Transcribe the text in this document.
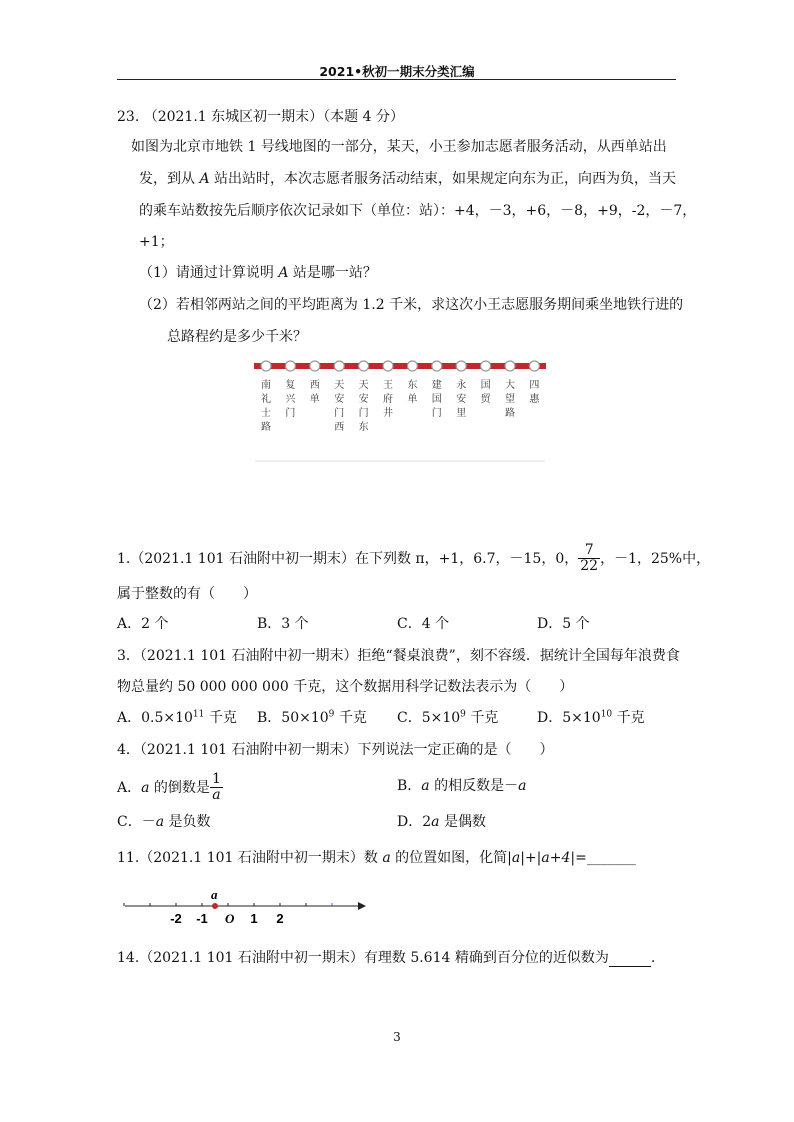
2021•秋初一期末分类汇编
23. （2021.1 东城区初一期末）（本题 4 分）
如图为北京市地铁 1 号线地图的一部分，某天，小王参加志愿者服务活动，从西单站出
发，到从 A 站出站时，本次志愿者服务活动结束，如果规定向东为正，向西为负，当天
的乘车站数按先后顺序依次记录如下（单位：站）：+4，－3，+6，－8，+9，-2，－7，
+1；
（1）请通过计算说明 A 站是哪一站？
（2）若相邻两站之间的平均距离为 1.2 千米，求这次小王志愿服务期间乘坐地铁行进的
总路程约是多少千米？
南礼士路
复兴门
西单
天安门西
天安门东
王府井
东单
建国门
永安里
国贸
大望路
四惠
1.（2021.1 101 石油附中初一期末）在下列数 π，+1，6.7，－15，0， $\frac{7}{22}$ ，－1，25%中，
属于整数的有（　　）
A．2 个	B．3 个	C．4 个	D．5 个
3．（2021.1 101 石油附中初一期末）拒绝“餐桌浪费”，刻不容缓．据统计全国每年浪费食
物总量约 50 000 000 000 千克，这个数据用科学记数法表示为（　　）
A．$0.5\times 10^{11}$ 千克 B．$50\times 10^9$ 千克 C．$5\times 10^9$ 千克	D．$5\times 10^{10}$ 千克
4．（2021.1 101 石油附中初一期末）下列说法一定正确的是（　　）
A．a 的倒数是 $\frac{1}{a}$	B．a 的相反数是－a
C．－a 是负数	D．2a 是偶数
11.（2021.1 101 石油附中初一期末）数 a 的位置如图，化简|a|+|a+4|=_______
a
O
-2 -1	1 2
14.（2021.1 101 石油附中初一期末）有理数 5.614 精确到百分位的近似数为	.
3
